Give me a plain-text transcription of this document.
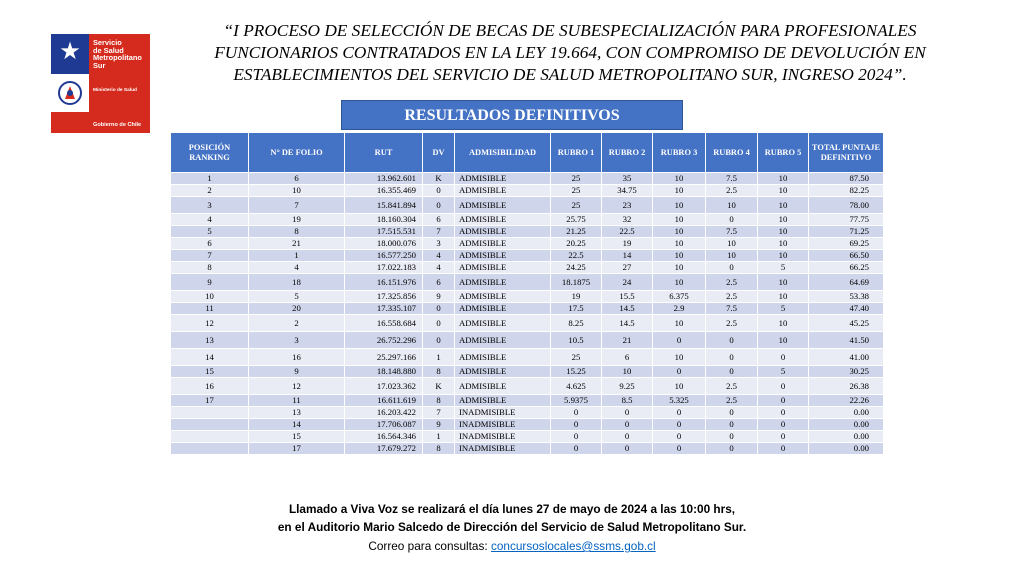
★	Servicio
de Salud
Metropolitano
Sur
Ministerio de Salud
Gobierno de Chile
“I PROCESO DE SELECCIÓN DE BECAS DE SUBESPECIALIZACIÓN PARA PROFESIONALES FUNCIONARIOS CONTRATADOS EN LA LEY 19.664, CON COMPROMISO DE DEVOLUCIÓN EN ESTABLECIMIENTOS DEL SERVICIO DE SALUD METROPOLITANO SUR, INGRESO 2024”.
RESULTADOS DEFINITIVOS
POSICIÓN RANKING	N° DE FOLIO	RUT	DV	ADMISIBILIDAD	RUBRO 1	RUBRO 2	RUBRO 3	RUBRO 4	RUBRO 5	TOTAL PUNTAJE DEFINITIVO
1	6	13.962.601	K	ADMISIBLE	25	35	10	7.5	10	87.50
2	10	16.355.469	0	ADMISIBLE	25	34.75	10	2.5	10	82.25
3	7	15.841.894	0	ADMISIBLE	25	23	10	10	10	78.00
4	19	18.160.304	6	ADMISIBLE	25.75	32	10	0	10	77.75
5	8	17.515.531	7	ADMISIBLE	21.25	22.5	10	7.5	10	71.25
6	21	18.000.076	3	ADMISIBLE	20.25	19	10	10	10	69.25
7	1	16.577.250	4	ADMISIBLE	22.5	14	10	10	10	66.50
8	4	17.022.183	4	ADMISIBLE	24.25	27	10	0	5	66.25
9	18	16.151.976	6	ADMISIBLE	18.1875	24	10	2.5	10	64.69
10	5	17.325.856	9	ADMISIBLE	19	15.5	6.375	2.5	10	53.38
11	20	17.335.107	0	ADMISIBLE	17.5	14.5	2.9	7.5	5	47.40
12	2	16.558.684	0	ADMISIBLE	8.25	14.5	10	2.5	10	45.25
13	3	26.752.296	0	ADMISIBLE	10.5	21	0	0	10	41.50
14	16	25.297.166	1	ADMISIBLE	25	6	10	0	0	41.00
15	9	18.148.880	8	ADMISIBLE	15.25	10	0	0	5	30.25
16	12	17.023.362	K	ADMISIBLE	4.625	9.25	10	2.5	0	26.38
17	11	16.611.619	8	ADMISIBLE	5.9375	8.5	5.325	2.5	0	22.26
	13	16.203.422	7	INADMISIBLE	0	0	0	0	0	0.00
	14	17.706.087	9	INADMISIBLE	0	0	0	0	0	0.00
	15	16.564.346	1	INADMISIBLE	0	0	0	0	0	0.00
	17	17.679.272	8	INADMISIBLE	0	0	0	0	0	0.00
Llamado a Viva Voz se realizará el día lunes 27 de mayo de 2024 a las 10:00 hrs,
en el Auditorio Mario Salcedo de Dirección del Servicio de Salud Metropolitano Sur.
Correo para consultas: concursoslocales@ssms.gob.cl
